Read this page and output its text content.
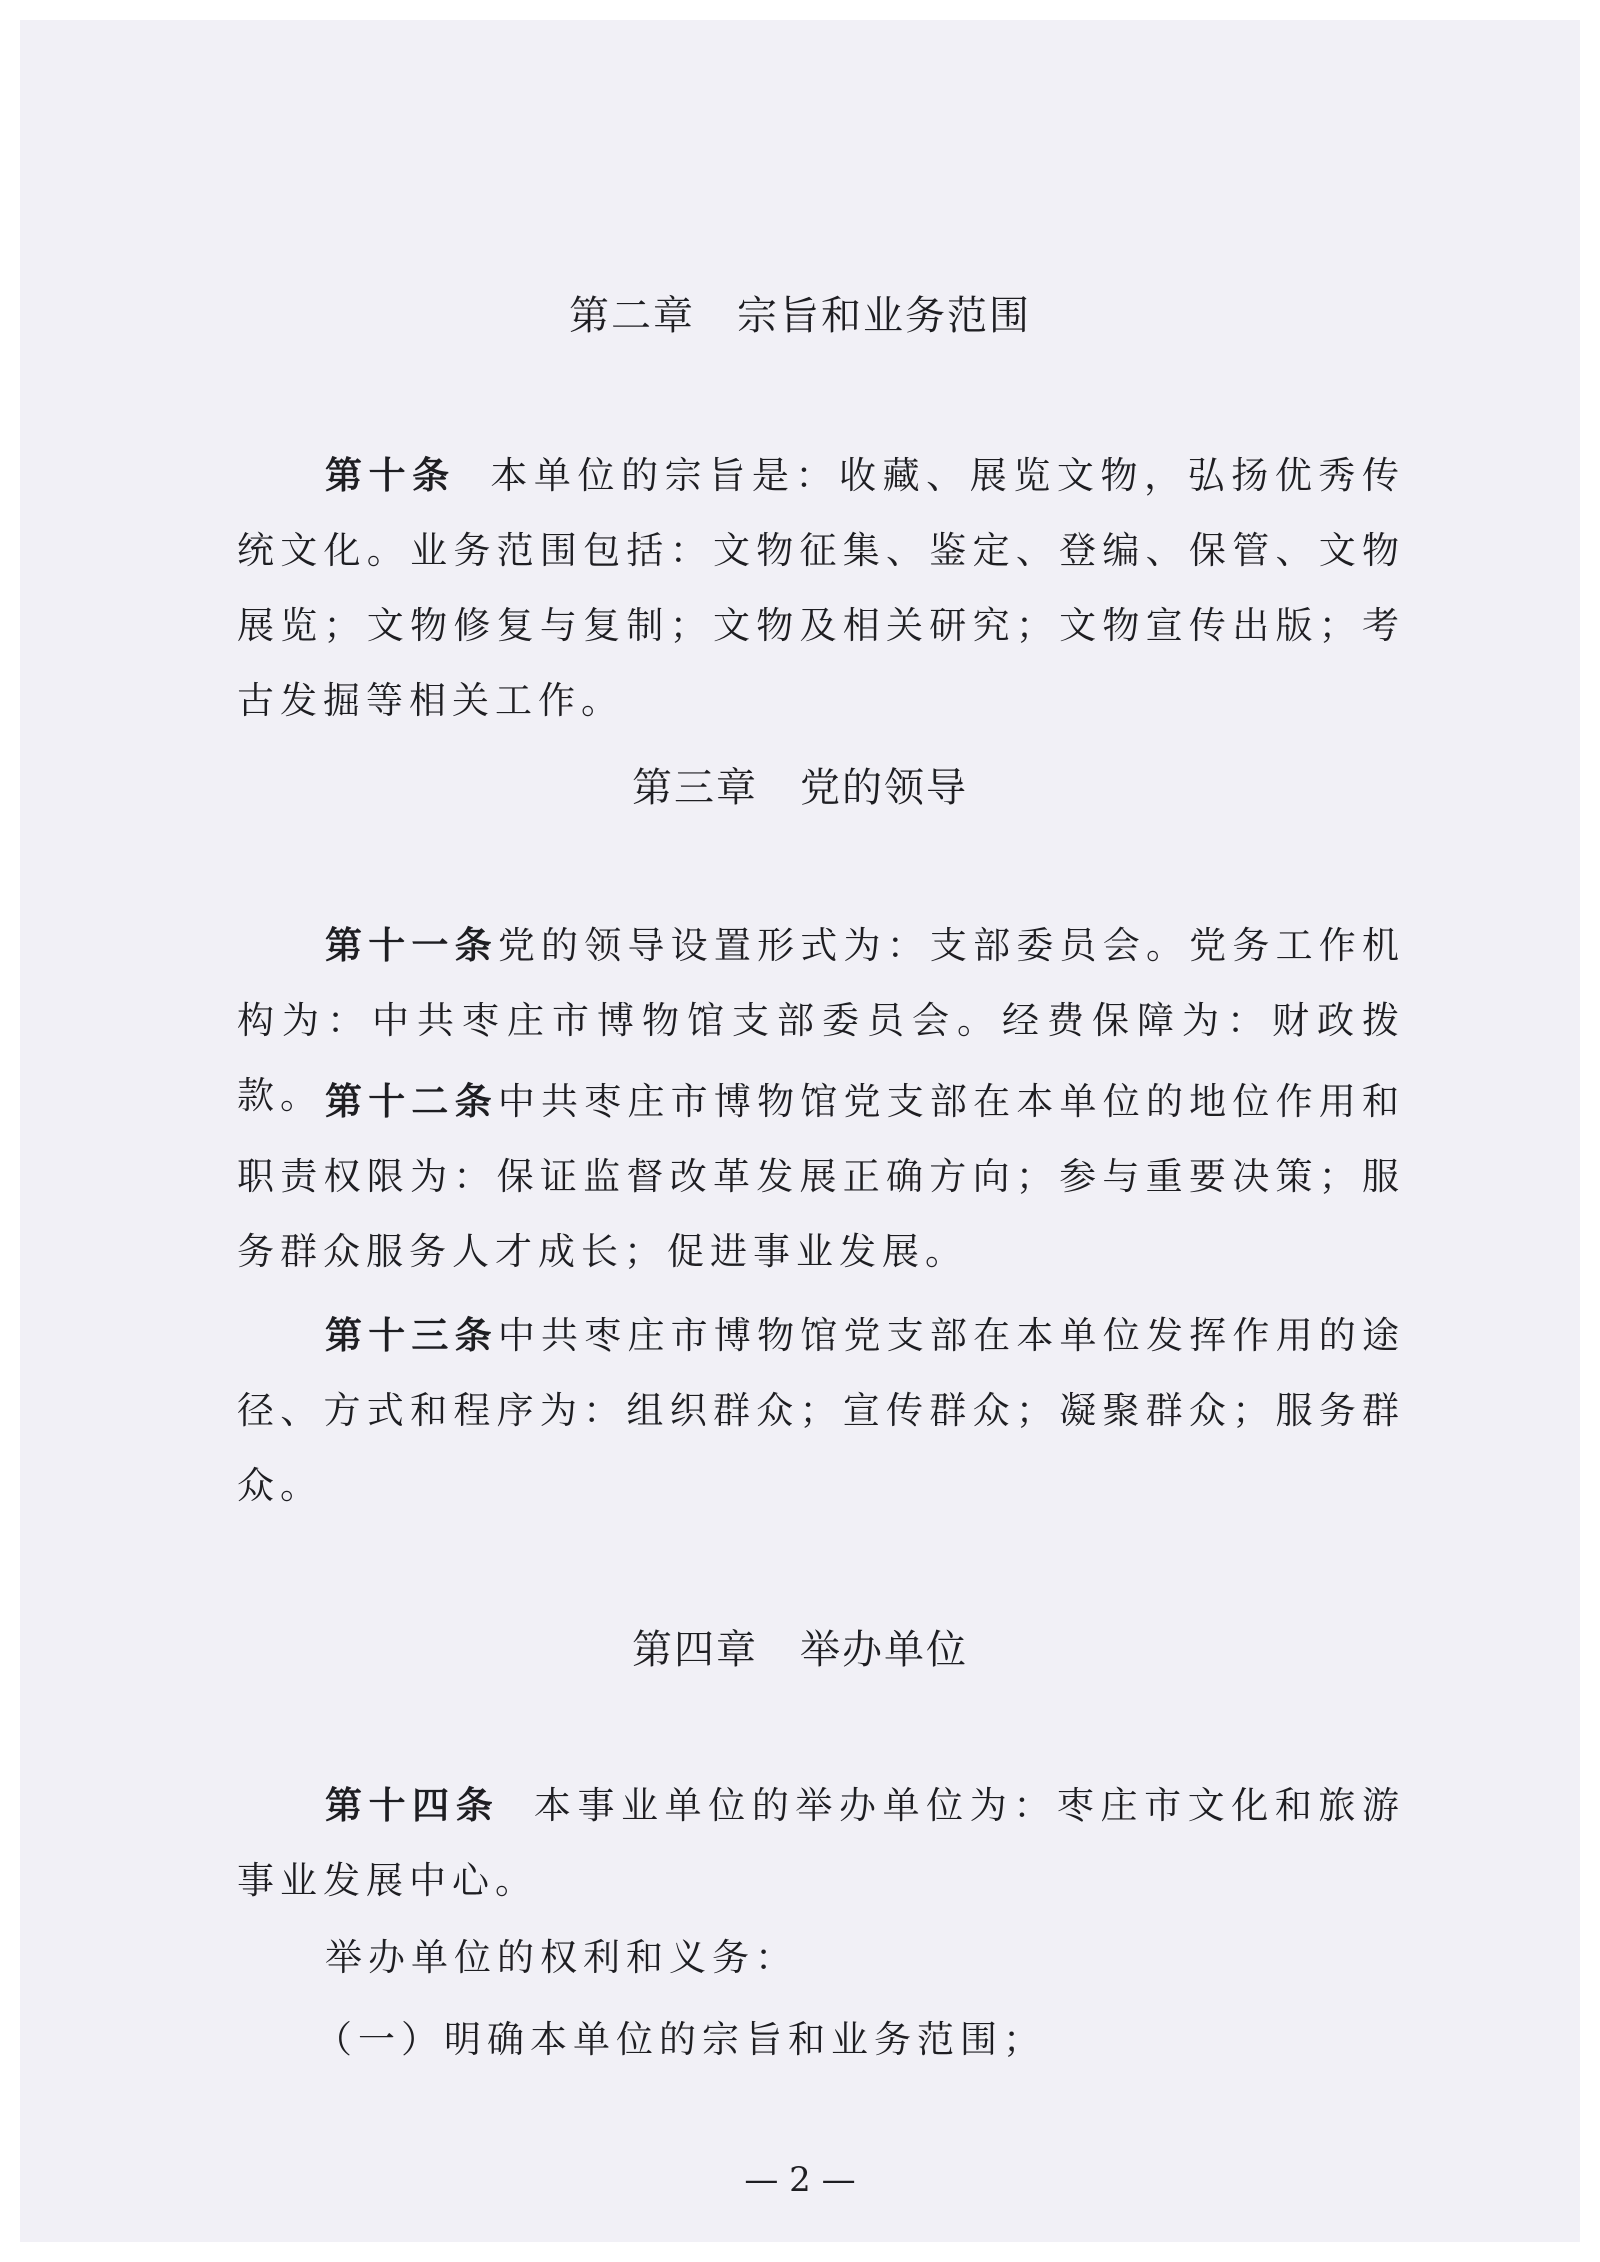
第二章　宗旨和业务范围
第十条 本单位的宗旨是：收藏、展览文物，弘扬优秀传统文化。业务范围包括：文物征集、鉴定、登编、保管、文物展览；文物修复与复制；文物及相关研究；文物宣传出版；考古发掘等相关工作。
第三章　党的领导
第十一条党的领导设置形式为：支部委员会。党务工作机构为：中共枣庄市博物馆支部委员会。经费保障为：财政拨款。 第十二条中共枣庄市博物馆党支部在本单位的地位作用和职责权限为：保证监督改革发展正确方向；参与重要决策；服务群众服务人才成长；促进事业发展。
第十三条中共枣庄市博物馆党支部在本单位发挥作用的途径、方式和程序为：组织群众；宣传群众；凝聚群众；服务群众。
第四章　举办单位
第十四条 本事业单位的举办单位为：枣庄市文化和旅游事业发展中心。
举办单位的权利和义务：
（一）明确本单位的宗旨和业务范围；
— 2 —
